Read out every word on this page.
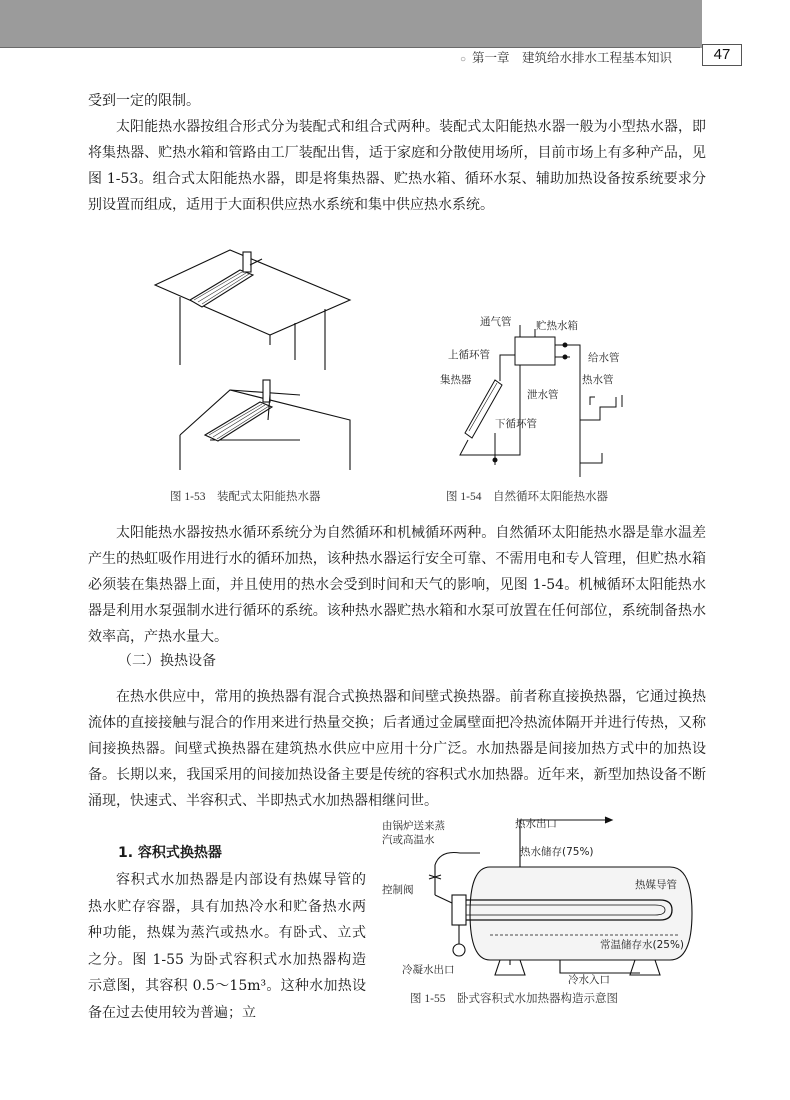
○ 第一章　建筑给水排水工程基本知识	47

受到一定的限制。

太阳能热水器按组合形式分为装配式和组合式两种。装配式太阳能热水器一般为小型热水器，即将集热器、贮热水箱和管路由工厂装配出售，适于家庭和分散使用场所，目前市场上有多种产品，见图 1-53。组合式太阳能热水器，即是将集热器、贮热水箱、循环水泵、辅助加热设备按系统要求分别设置而组成，适用于大面积供应热水系统和集中供应热水系统。

图 1-53　装配式太阳能热水器
通气管 贮热水箱
上循环管	给水管
集热器	热水管
泄水管
下循环管
图 1-54　自然循环太阳能热水器

太阳能热水器按热水循环系统分为自然循环和机械循环两种。自然循环太阳能热水器是靠水温差产生的热虹吸作用进行水的循环加热，该种热水器运行安全可靠、不需用电和专人管理，但贮热水箱必须装在集热器上面，并且使用的热水会受到时间和天气的影响，见图 1-54。机械循环太阳能热水器是利用水泵强制水进行循环的系统。该种热水器贮热水箱和水泵可放置在任何部位，系统制备热水效率高，产热水量大。

（二）换热设备

在热水供应中，常用的换热器有混合式换热器和间壁式换热器。前者称直接换热器，它通过换热流体的直接接触与混合的作用来进行热量交换；后者通过金属壁面把冷热流体隔开并进行传热，又称间接换热器。间壁式换热器在建筑热水供应中应用十分广泛。水加热器是间接加热方式中的加热设备。长期以来，我国采用的间接加热设备主要是传统的容积式水加热器。近年来，新型加热设备不断涌现，快速式、半容积式、半即热式水加热器相继问世。

1. 容积式换热器

容积式水加热器是内部设有热媒导管的热水贮存容器，具有加热冷水和贮备热水两种功能，热媒为蒸汽或热水。有卧式、立式之分。图 1-55 为卧式容积式水加热器构造示意图，其容积 0.5～15m³。这种水加热设备在过去使用较为普遍；立

热水出口
由锅炉送来蒸
汽或高温水
热水储存(75%)
控制阀	热媒导管
常温储存水(25%)
冷凝水出口
冷水入口
图 1-55　卧式容积式水加热器构造示意图
